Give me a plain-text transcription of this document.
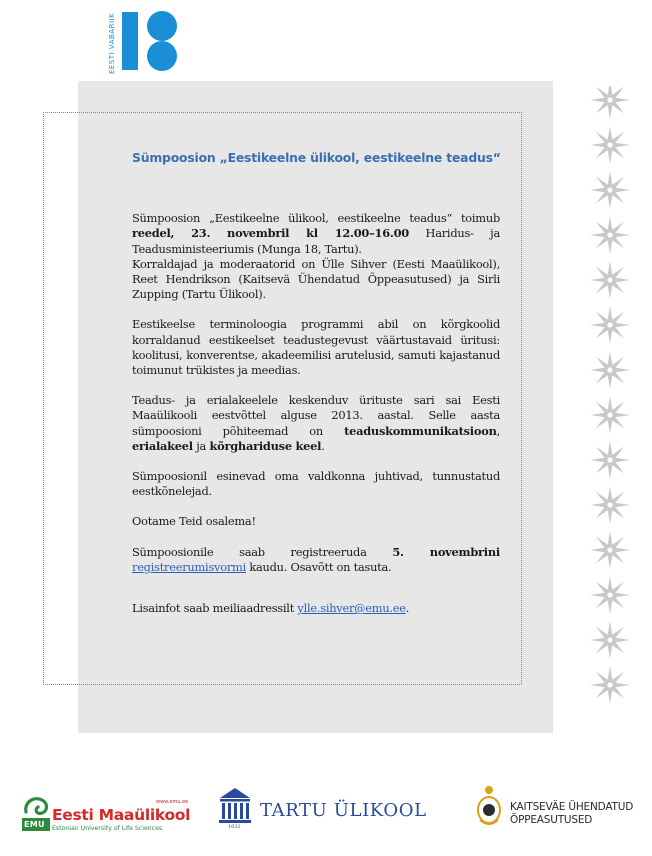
EESTI VABARIIK
Sümpoosion „Eestikeelne ülikool, eestikeelne teadus“

Sümpoosion „Eestikeelne ülikool, eestikeelne teadus“ toimub reedel, 23. novembril kl 12.00–16.00 Haridus- ja Teadusministeeriumis (Munga 18, Tartu).
Korraldajad ja moderaatorid on Ülle Sihver (Eesti Maaülikool), Reet Hendrikson (Kaitsevä Ühendatud Õppeasutused) ja Sirli Zupping (Tartu Ülikool).

Eestikeelse terminoloogia programmi abil on kõrgkoolid korraldanud eestikeelset teadustegevust väärtustavaid üritusi: koolitusi, konverentse, akadeemilisi arutelusid, samuti kajastanud toimunut trükistes ja meedias.

Teadus- ja erialakeelele keskenduv ürituste sari sai Eesti Maaülikooli eestvõttel alguse 2013. aastal. Selle aasta sümpoosioni põhiteemad on teaduskommunikatsioon, erialakeel ja kõrghariduse keel.

Sümpoosionil esinevad oma valdkonna juhtivad, tunnustatud eestkõnelejad.

Ootame Teid osalema!

Sümpoosionile saab registreeruda 5. novembrini registreerumisvormi kaudu. Osavõtt on tasuta.

Lisainfot saab meiliaadressilt ylle.sihver@emu.ee.

EMU
www.emu.ee
Eesti Maaülikool
Estonian University of Life Sciences	1632
TARTU ÜLIKOOL	KAITSEVÄE ÜHENDATUD
ÕPPEASUTUSED
